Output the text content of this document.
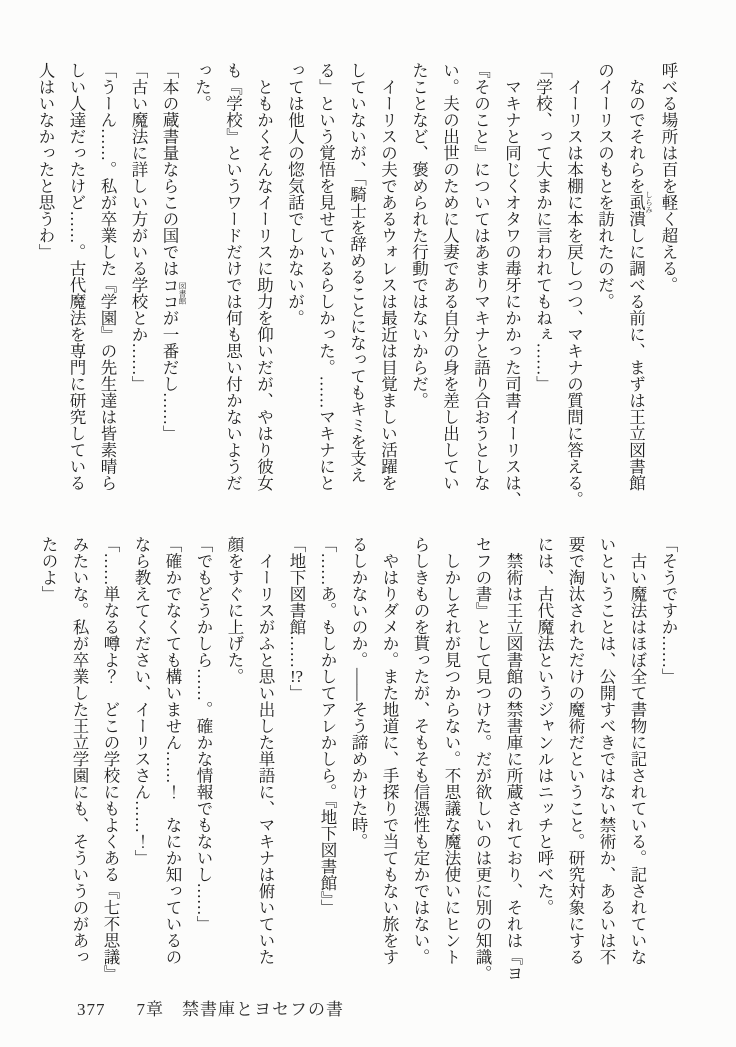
呼べる場所は百を軽く超える。

　なのでそれらを虱 しらみ潰しに調べる前に、まずは王立図書館

のイーリスのもとを訪れたのだ。

　イーリスは本棚に本を戻しつつ、マキナの質問に答える。

「学校、って大まかに言われてもねぇ……」

　マキナと同じくオタワの毒牙にかかった司書イーリスは、

『そのこと』についてはあまりマキナと語り合おうとしな

い。夫の出世のために人妻である自分の身を差し出してい

たことなど、褒められた行動ではないからだ。

　イーリスの夫であるウォレスは最近は目覚ましい活躍を

していないが、「騎士を辞めることになってもキミを支え

る」という覚悟を見せているらしかった。……マキナにと

っては他人の惚気話でしかないが。

　ともかくそんなイーリスに助力を仰いだが、やはり彼女

も『学校』というワードだけでは何も思い付かないようだ

った。

「本の蔵書量ならこの国ではココ 図書館が一番だし……」

「古い魔法に詳しい方がいる学校とか……」

「うーん……。私が卒業した『学園』の先生達は皆素晴ら

しい人達だったけど……。古代魔法を専門に研究している

人はいなかったと思うわ」

「そうですか……」

　古い魔法はほぼ全て書物に記されている。記されていな

いということは、公開すべきではない禁術か、あるいは不

要で淘汰されただけの魔術だということ。研究対象にする

には、古代魔法というジャンルはニッチと呼べた。

　禁術は王立図書館の禁書庫に所蔵されており、それは『ヨ

セフの書』として見つけた。だが欲しいのは更に別の知識。

　しかしそれが見つからない。不思議な魔法使いにヒント

らしきものを貰ったが、そもそも信憑性も定かではない。

　やはりダメか。また地道に、手探りで当てもない旅をす

るしかないのか。――そう諦めかけた時。

「……あ。もしかしてアレかしら。『地下図書館』」

「地下図書館……!?」

　イーリスがふと思い出した単語に、マキナは俯いていた

顔をすぐに上げた。

「でもどうかしら……。確かな情報でもないし……」

「確かでなくても構いません……！　なにか知っているの

なら教えてください、イーリスさん……！」

「……単なる噂よ？　どこの学校にもよくある『七不思議』

みたいな。私が卒業した王立学園にも、そういうのがあっ

たのよ」

377 7章　禁書庫とヨセフの書
